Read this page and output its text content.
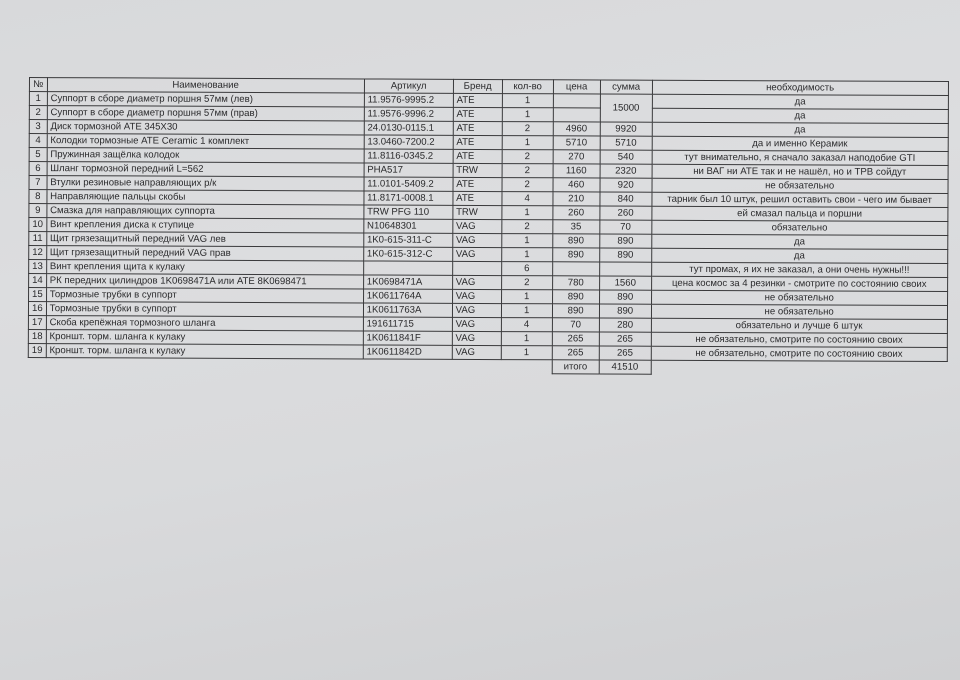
№	Наименование	Артикул	Бренд	кол-во	цена	сумма	необходимость
1	Суппорт в сборе диаметр поршня 57мм (лев)	11.9576-9995.2	ATE	1		15000	да
2	Суппорт в сборе диаметр поршня 57мм (прав)	11.9576-9996.2	ATE	1			да
3	Диск тормозной ATE 345X30	24.0130-0115.1	ATE	2	4960	9920	да
4	Колодки тормозные ATE Ceramic 1 комплект	13.0460-7200.2	ATE	1	5710	5710	да и именно Керамик
5	Пружинная защёлка колодок	11.8116-0345.2	ATE	2	270	540	тут внимательно, я сначало заказал наподобие GTI
6	Шланг тормозной передний L=562	PHA517	TRW	2	1160	2320	ни ВАГ ни ATE так и не нашёл, но и TPB сойдут
7	Втулки резиновые направляющих р/к	11.0101-5409.2	ATE	2	460	920	не обязательно
8	Направляющие пальцы скобы	11.8171-0008.1	ATE	4	210	840	тарник был 10 штук, решил оставить свои - чего им бывает
9	Смазка для направляющих суппорта	TRW PFG 110	TRW	1	260	260	ей смазал пальца и поршни
10	Винт крепления диска к ступице	N10648301	VAG	2	35	70	обязательно
11	Щит грязезащитный передний VAG лев	1K0-615-311-C	VAG	1	890	890	да
12	Щит грязезащитный передний VAG прав	1K0-615-312-C	VAG	1	890	890	да
13	Винт крепления щита к кулаку			6			тут промах, я их не заказал, а они очень нужны!!!
14	РК передних цилиндров 1K0698471A или ATE 8K0698471	1K0698471A	VAG	2	780	1560	цена космос за 4 резинки - смотрите по состоянию своих
15	Тормозные трубки в суппорт	1K0611764A	VAG	1	890	890	не обязательно
16	Тормозные трубки в суппорт	1K0611763A	VAG	1	890	890	не обязательно
17	Скоба крепёжная тормозного шланга	191611715	VAG	4	70	280	обязательно и лучше 6 штук
18	Кроншт. торм. шланга к кулаку	1K0611841F	VAG	1	265	265	не обязательно, смотрите по состоянию своих
19	Кроншт. торм. шланга к кулаку	1K0611842D	VAG	1	265	265	не обязательно, смотрите по состоянию своих
					итого	41510	
